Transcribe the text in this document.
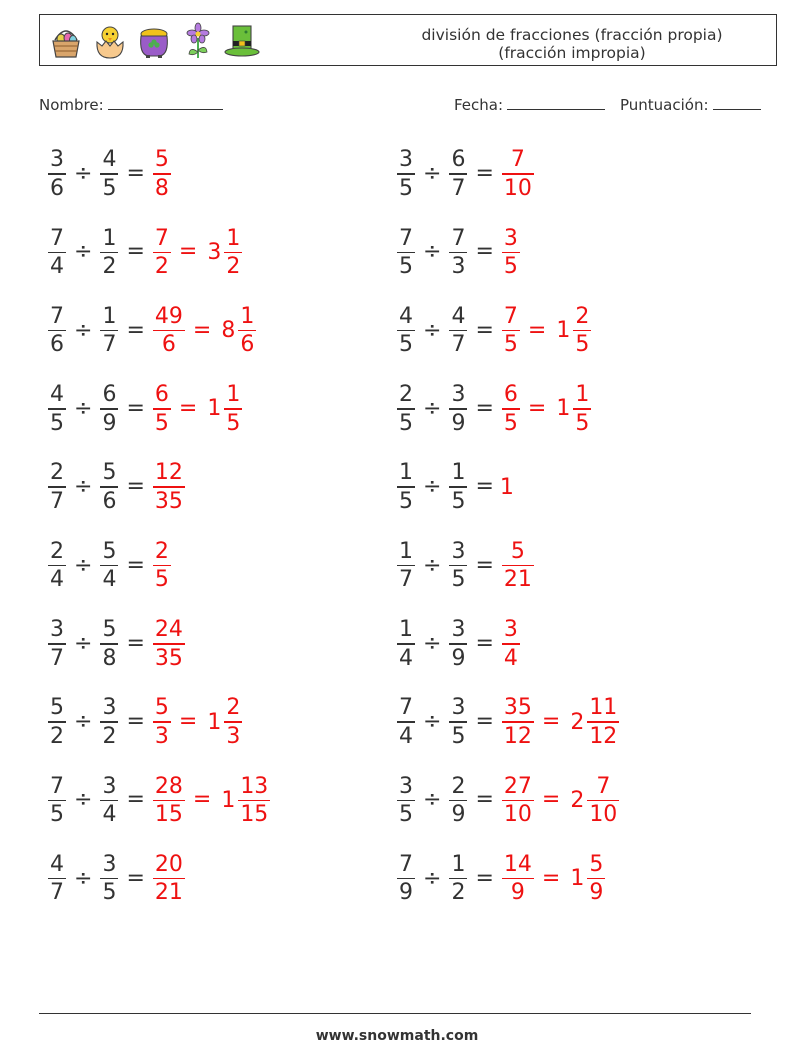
división de fracciones (fracción propia)
(fracción impropia)
Nombre:	Fecha:	Puntuación:
$\frac{3}{6} \div \frac{4}{5} = \frac{5}{8}$	$\frac{3}{5} \div \frac{6}{7} = \frac{7}{10}$
$\frac{7}{4} \div \frac{1}{2} = \frac{7}{2} = 3 \frac{1}{2}$	$\frac{7}{5} \div \frac{7}{3} = \frac{3}{5}$
$\frac{7}{6} \div \frac{1}{7} = \frac{49}{6} = 8 \frac{1}{6}$	$\frac{4}{5} \div \frac{4}{7} = \frac{7}{5} = 1 \frac{2}{5}$
$\frac{4}{5} \div \frac{6}{9} = \frac{6}{5} = 1 \frac{1}{5}$	$\frac{2}{5} \div \frac{3}{9} = \frac{6}{5} = 1 \frac{1}{5}$
$\frac{2}{7} \div \frac{5}{6} = \frac{12}{35}$	$\frac{1}{5} \div \frac{1}{5} = 1$
$\frac{2}{4} \div \frac{5}{4} = \frac{2}{5}$	$\frac{1}{7} \div \frac{3}{5} = \frac{5}{21}$
$\frac{3}{7} \div \frac{5}{8} = \frac{24}{35}$	$\frac{1}{4} \div \frac{3}{9} = \frac{3}{4}$
$\frac{5}{2} \div \frac{3}{2} = \frac{5}{3} = 1 \frac{2}{3}$	$\frac{7}{4} \div \frac{3}{5} = \frac{35}{12} = 2 \frac{11}{12}$
$\frac{7}{5} \div \frac{3}{4} = \frac{28}{15} = 1 \frac{13}{15}$	$\frac{3}{5} \div \frac{2}{9} = \frac{27}{10} = 2 \frac{7}{10}$
$\frac{4}{7} \div \frac{3}{5} = \frac{20}{21}$	$\frac{7}{9} \div \frac{1}{2} = \frac{14}{9} = 1 \frac{5}{9}$
www.snowmath.com
